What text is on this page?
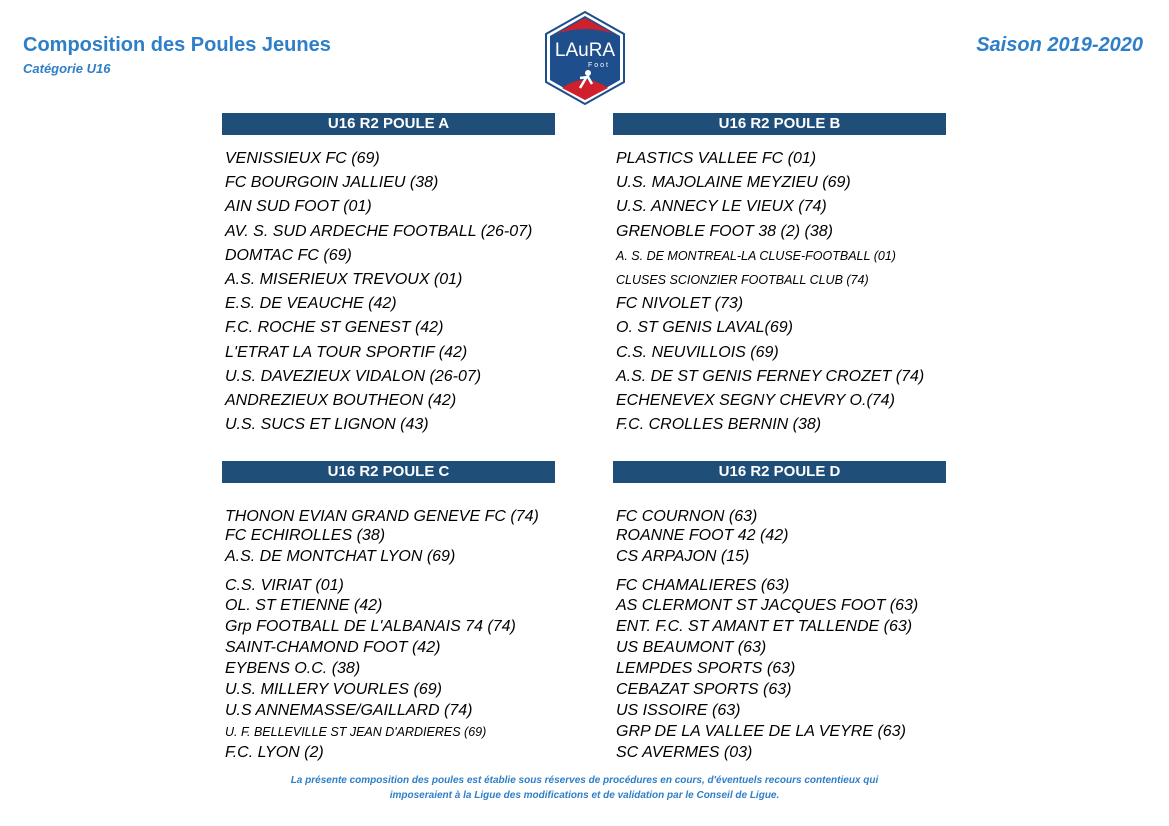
Composition des Poules Jeunes
Catégorie U16
Saison 2019-2020
LAuRA
Foot
U16 R2 POULE A
VENISSIEUX FC (69)
FC BOURGOIN JALLIEU (38)
AIN SUD FOOT (01)
AV. S. SUD ARDECHE FOOTBALL (26-07)
DOMTAC FC (69)
A.S. MISERIEUX TREVOUX (01)
E.S. DE VEAUCHE (42)
F.C. ROCHE ST GENEST (42)
L'ETRAT LA TOUR SPORTIF (42)
U.S. DAVEZIEUX VIDALON (26-07)
ANDREZIEUX BOUTHEON (42)
U.S. SUCS ET LIGNON (43)
U16 R2 POULE B
PLASTICS VALLEE FC (01)
U.S. MAJOLAINE MEYZIEU (69)
U.S. ANNECY LE VIEUX (74)
GRENOBLE FOOT 38 (2) (38)
A. S. DE MONTREAL-LA CLUSE-FOOTBALL (01)
CLUSES SCIONZIER FOOTBALL CLUB (74)
FC NIVOLET (73)
O. ST GENIS LAVAL(69)
C.S. NEUVILLOIS (69)
A.S. DE ST GENIS FERNEY CROZET (74)
ECHENEVEX SEGNY CHEVRY O.(74)
F.C. CROLLES BERNIN (38)
U16 R2 POULE C
THONON EVIAN GRAND GENEVE FC (74)
FC ECHIROLLES (38)
A.S. DE MONTCHAT LYON (69)
C.S. VIRIAT (01)
OL. ST ETIENNE (42)
Grp FOOTBALL DE L'ALBANAIS 74 (74)
SAINT-CHAMOND FOOT (42)
EYBENS O.C. (38)
U.S. MILLERY VOURLES (69)
U.S ANNEMASSE/GAILLARD (74)
U. F. BELLEVILLE ST JEAN D'ARDIERES (69)
F.C. LYON (2)
U16 R2 POULE D
FC COURNON (63)
ROANNE FOOT 42 (42)
CS ARPAJON (15)
FC CHAMALIERES (63)
AS CLERMONT ST JACQUES FOOT (63)
ENT. F.C. ST AMANT ET TALLENDE (63)
US BEAUMONT (63)
LEMPDES SPORTS (63)
CEBAZAT SPORTS (63)
US ISSOIRE (63)
GRP DE LA VALLEE DE LA VEYRE (63)
SC AVERMES (03)
La présente composition des poules est établie sous réserves de procédures en cours, d'éventuels recours contentieux qui
imposeraient à la Ligue des modifications et de validation par le Conseil de Ligue.
